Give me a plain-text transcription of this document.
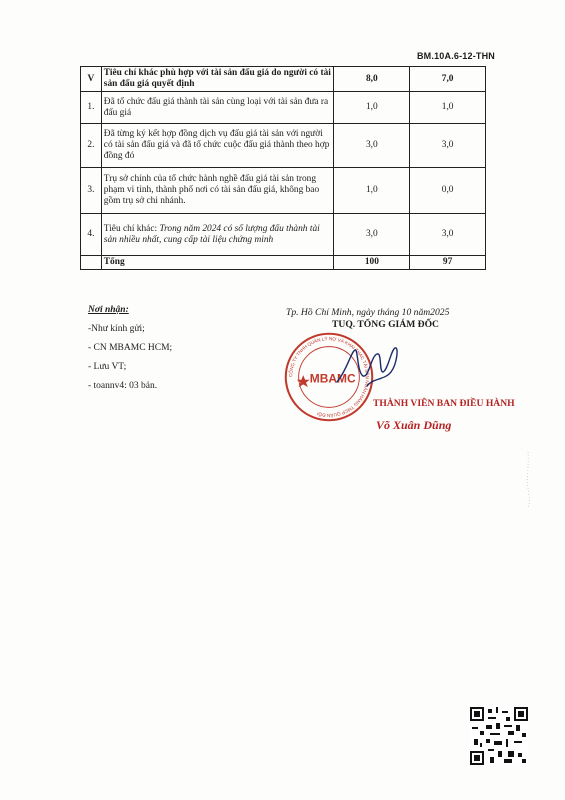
BM.10A.6-12-THN
V	Tiêu chí khác phù hợp với tài sản đấu giá do người có tài sản đấu giá quyết định	8,0	7,0
1.	Đã tổ chức đấu giá thành tài sản cùng loại với tài sản đưa ra đấu giá	1,0	1,0
2.	Đã từng ký kết hợp đồng dịch vụ đấu giá tài sản với người có tài sản đấu giá và đã tổ chức cuộc đấu giá thành theo hợp đồng đó	3,0	3,0
3.	Trụ sở chính của tổ chức hành nghề đấu giá tài sản trong phạm vi tỉnh, thành phố nơi có tài sản đấu giá, không bao gồm trụ sở chi nhánh.	1,0	0,0
4.	Tiêu chí khác: Trong năm 2024 có số lượng đấu thành tài sản nhiều nhất, cung cấp tài liệu chứng minh	3,0	3,0
	Tổng	100	97
Nơi nhận:
-Như kính gửi;
- CN MBAMC HCM;
- Lưu VT;
- toannv4: 03 bản.
Tp. Hồ Chí Minh, ngày tháng 10 năm2025
TUQ. TỔNG GIÁM ĐỐC
CÔNG TY TNHH QUẢN LÝ NỢ VÀ KHAI THÁC TÀI SẢN NGÂN HÀNG TMCP QUÂN ĐỘI
MBAMC
THÀNH VIÊN BAN ĐIỀU HÀNH
Võ Xuân Dũng
